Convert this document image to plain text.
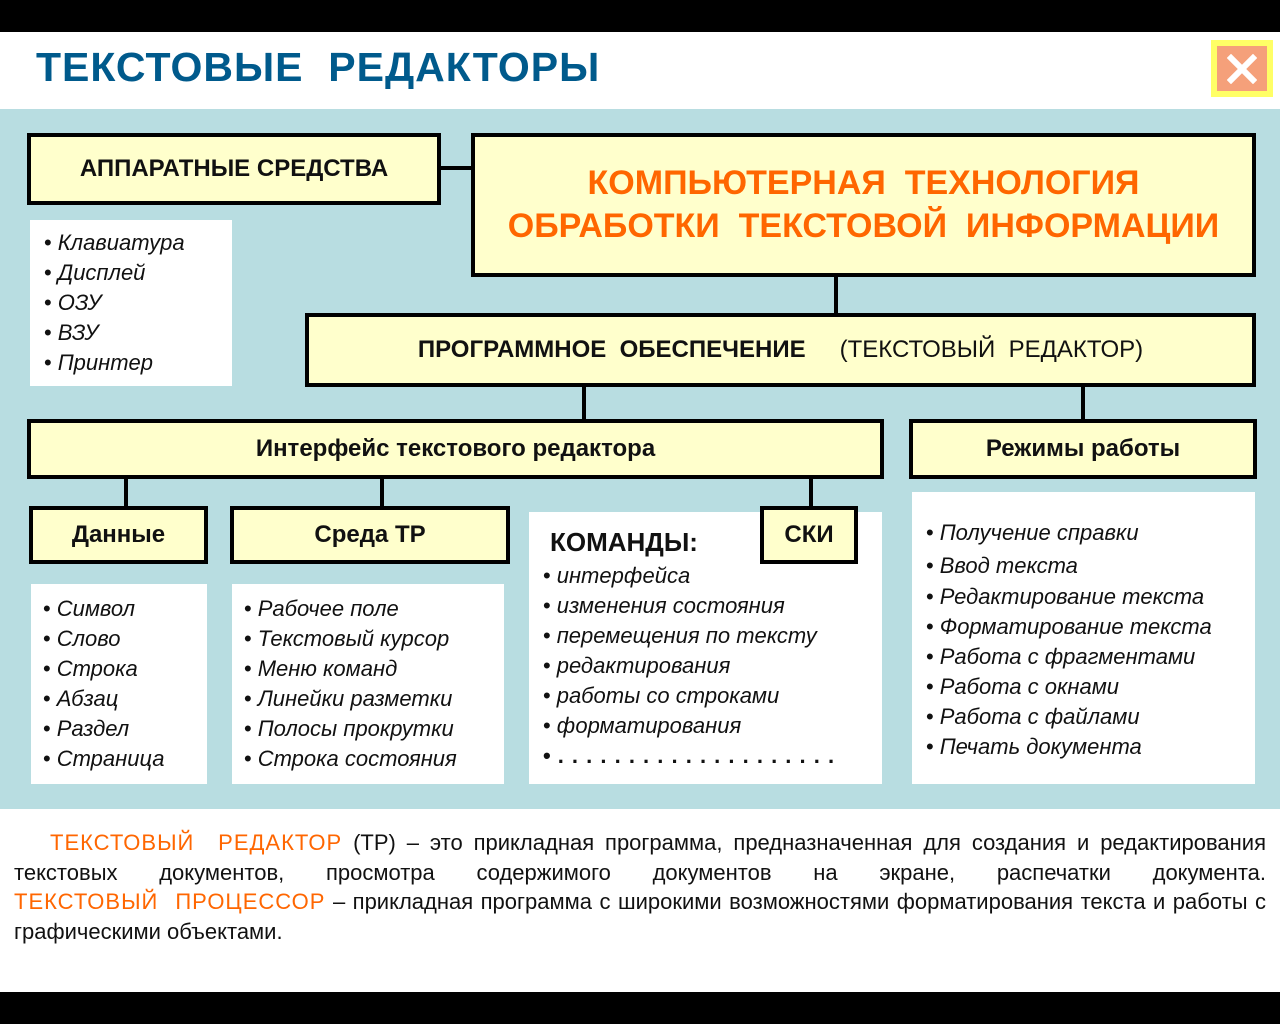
ТЕКСТОВЫЕ  РЕДАКТОРЫ
АППАРАТНЫЕ СРЕДСТВА
• Клавиатура
• Дисплей
• ОЗУ
• ВЗУ
• Принтер
КОМПЬЮТЕРНАЯ  ТЕХНОЛОГИЯ
ОБРАБОТКИ  ТЕКСТОВОЙ  ИНФОРМАЦИИ
ПРОГРАММНОЕ  ОБЕСПЕЧЕНИЕ (ТЕКСТОВЫЙ  РЕДАКТОР)
Интерфейс текстового редактора	Режимы работы
• Получение справки
• Ввод текста
• Редактирование текста
• Форматирование текста
• Работа с фрагментами
• Работа с окнами
• Работа с файлами
• Печать документа
Данные
• Символ
• Слово
• Строка
• Абзац
• Раздел
• Страница
Среда ТР
• Рабочее поле
• Текстовый курсор
• Меню команд
• Линейки разметки
• Полосы прокрутки
• Строка состояния
КОМАНДЫ:
• интерфейса
• изменения состояния
• перемещения по тексту
• редактирования
• работы со строками
• форматирования
• . . . . . . . . . . . . . . . . . . . .
СКИ

ТЕКСТОВЫЙ  РЕДАКТОР (ТР) – это прикладная программа, предназначенная для создания и редактирования текстовых документов, просмотра содержимого документов на экране, распечатки документа. ТЕКСТОВЫЙ  ПРОЦЕССОР – прикладная программа с широкими возможностями форматирования текста и работы с графическими объектами.
